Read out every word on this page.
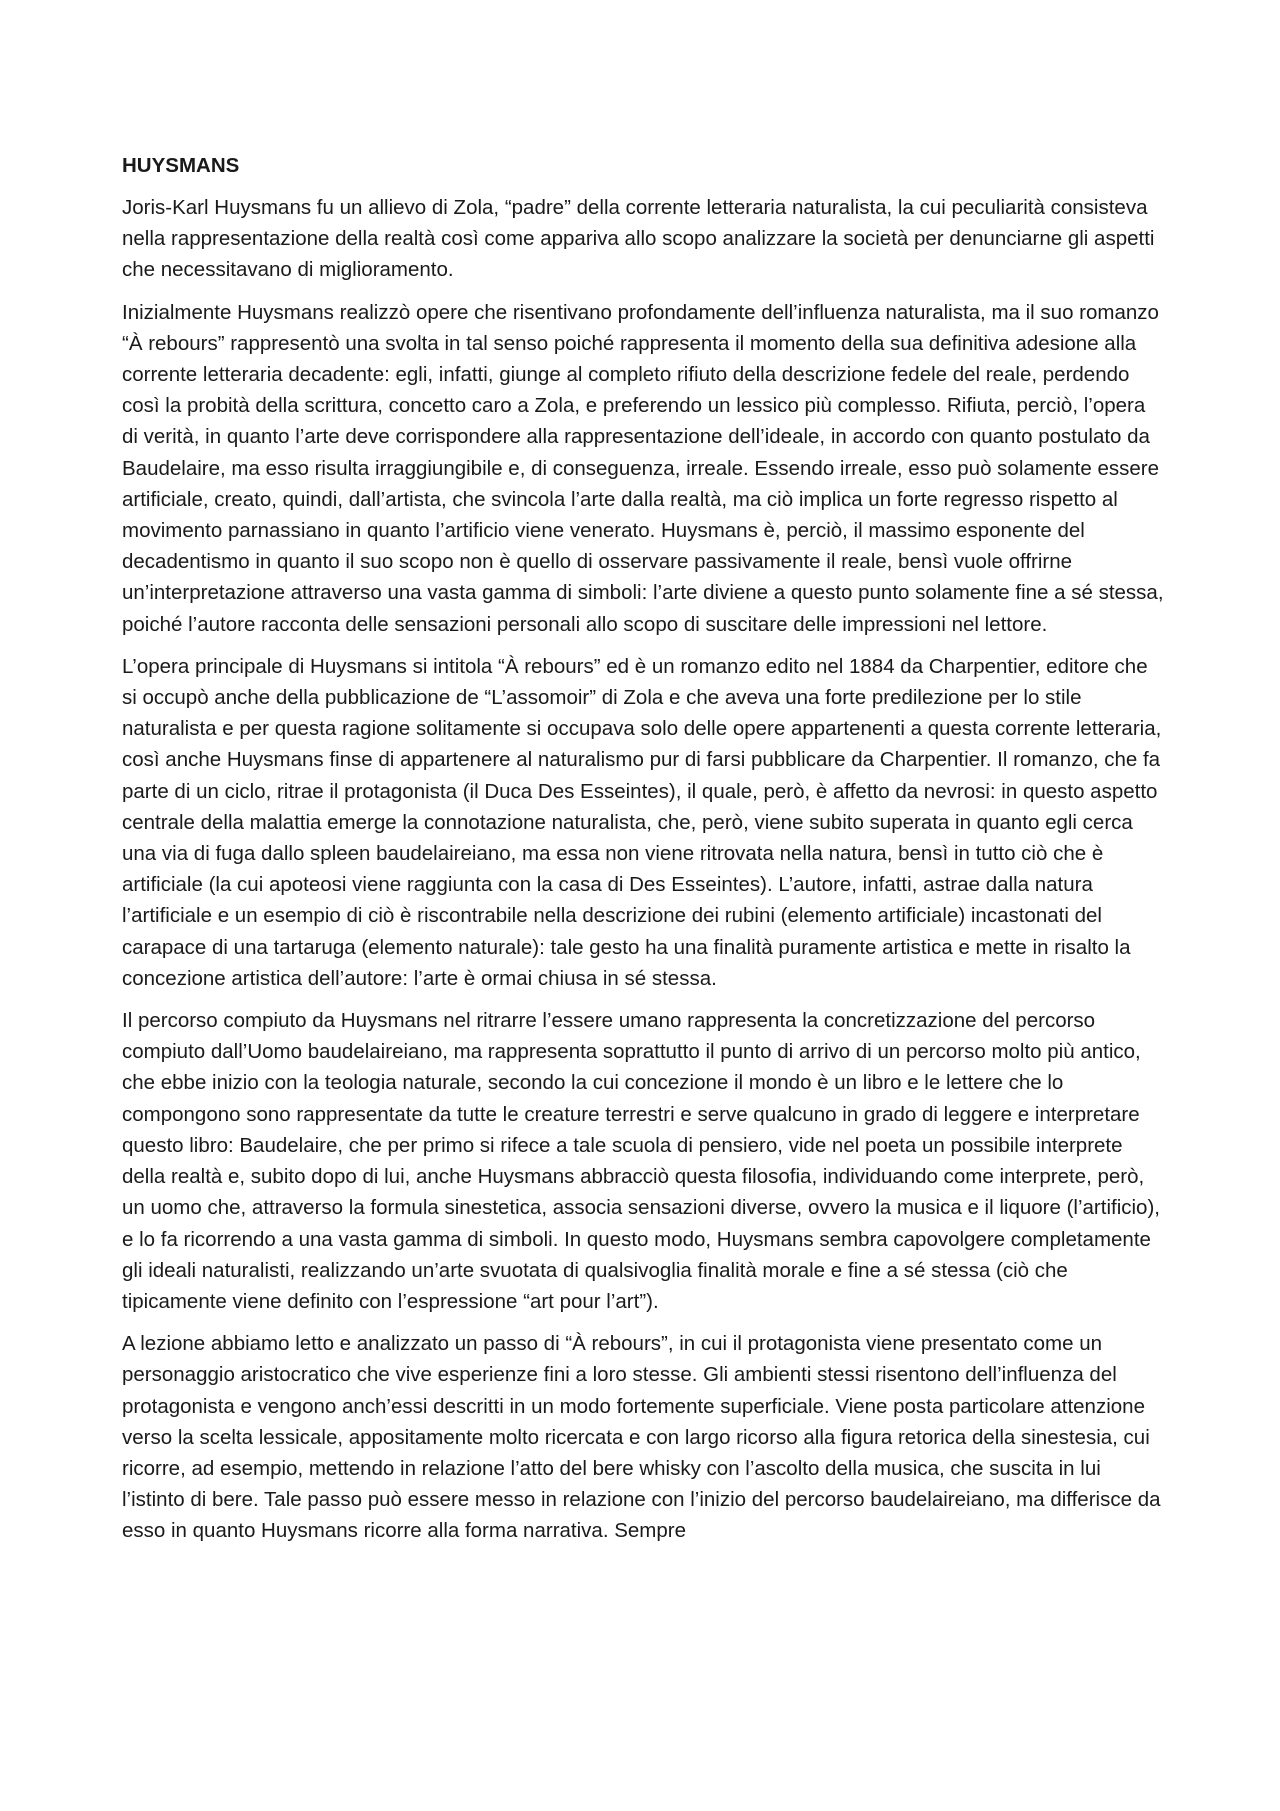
HUYSMANS

Joris-Karl Huysmans fu un allievo di Zola, “padre” della corrente letteraria naturalista, la cui peculiarità consisteva nella rappresentazione della realtà così come appariva allo scopo analizzare la società per denunciarne gli aspetti che necessitavano di miglioramento.

Inizialmente Huysmans realizzò opere che risentivano profondamente dell’influenza naturalista, ma il suo romanzo “À rebours” rappresentò una svolta in tal senso poiché rappresenta il momento della sua definitiva adesione alla corrente letteraria decadente: egli, infatti, giunge al completo rifiuto della descrizione fedele del reale, perdendo così la probità della scrittura, concetto caro a Zola, e preferendo un lessico più complesso. Rifiuta, perciò, l’opera di verità, in quanto l’arte deve corrispondere alla rappresentazione dell’ideale, in accordo con quanto postulato da Baudelaire, ma esso risulta irraggiungibile e, di conseguenza, irreale. Essendo irreale, esso può solamente essere artificiale, creato, quindi, dall’artista, che svincola l’arte dalla realtà, ma ciò implica un forte regresso rispetto al movimento parnassiano in quanto l’artificio viene venerato. Huysmans è, perciò, il massimo esponente del decadentismo in quanto il suo scopo non è quello di osservare passivamente il reale, bensì vuole offrirne un’interpretazione attraverso una vasta gamma di simboli: l’arte diviene a questo punto solamente fine a sé stessa, poiché l’autore racconta delle sensazioni personali allo scopo di suscitare delle impressioni nel lettore.

L’opera principale di Huysmans si intitola “À rebours” ed è un romanzo edito nel 1884 da Charpentier, editore che si occupò anche della pubblicazione de “L’assomoir” di Zola e che aveva una forte predilezione per lo stile naturalista e per questa ragione solitamente si occupava solo delle opere appartenenti a questa corrente letteraria, così anche Huysmans finse di appartenere al naturalismo pur di farsi pubblicare da Charpentier. Il romanzo, che fa parte di un ciclo, ritrae il protagonista (il Duca Des Esseintes), il quale, però, è affetto da nevrosi: in questo aspetto centrale della malattia emerge la connotazione naturalista, che, però, viene subito superata in quanto egli cerca una via di fuga dallo spleen baudelaireiano, ma essa non viene ritrovata nella natura, bensì in tutto ciò che è artificiale (la cui apoteosi viene raggiunta con la casa di Des Esseintes). L’autore, infatti, astrae dalla natura l’artificiale e un esempio di ciò è riscontrabile nella descrizione dei rubini (elemento artificiale) incastonati del carapace di una tartaruga (elemento naturale): tale gesto ha una finalità puramente artistica e mette in risalto la concezione artistica dell’autore: l’arte è ormai chiusa in sé stessa.

Il percorso compiuto da Huysmans nel ritrarre l’essere umano rappresenta la concretizzazione del percorso compiuto dall’Uomo baudelaireiano, ma rappresenta soprattutto il punto di arrivo di un percorso molto più antico, che ebbe inizio con la teologia naturale, secondo la cui concezione il mondo è un libro e le lettere che lo compongono sono rappresentate da tutte le creature terrestri e serve qualcuno in grado di leggere e interpretare questo libro: Baudelaire, che per primo si rifece a tale scuola di pensiero, vide nel poeta un possibile interprete della realtà e, subito dopo di lui, anche Huysmans abbracciò questa filosofia, individuando come interprete, però, un uomo che, attraverso la formula sinestetica, associa sensazioni diverse, ovvero la musica e il liquore (l’artificio), e lo fa ricorrendo a una vasta gamma di simboli. In questo modo, Huysmans sembra capovolgere completamente gli ideali naturalisti, realizzando un’arte svuotata di qualsivoglia finalità morale e fine a sé stessa (ciò che tipicamente viene definito con l’espressione “art pour l’art”).

A lezione abbiamo letto e analizzato un passo di “À rebours”, in cui il protagonista viene presentato come un personaggio aristocratico che vive esperienze fini a loro stesse. Gli ambienti stessi risentono dell’influenza del protagonista e vengono anch’essi descritti in un modo fortemente superficiale. Viene posta particolare attenzione verso la scelta lessicale, appositamente molto ricercata e con largo ricorso alla figura retorica della sinestesia, cui ricorre, ad esempio, mettendo in relazione l’atto del bere whisky con l’ascolto della musica, che suscita in lui l’istinto di bere. Tale passo può essere messo in relazione con l’inizio del percorso baudelaireiano, ma differisce da esso in quanto Huysmans ricorre alla forma narrativa. Sempre
